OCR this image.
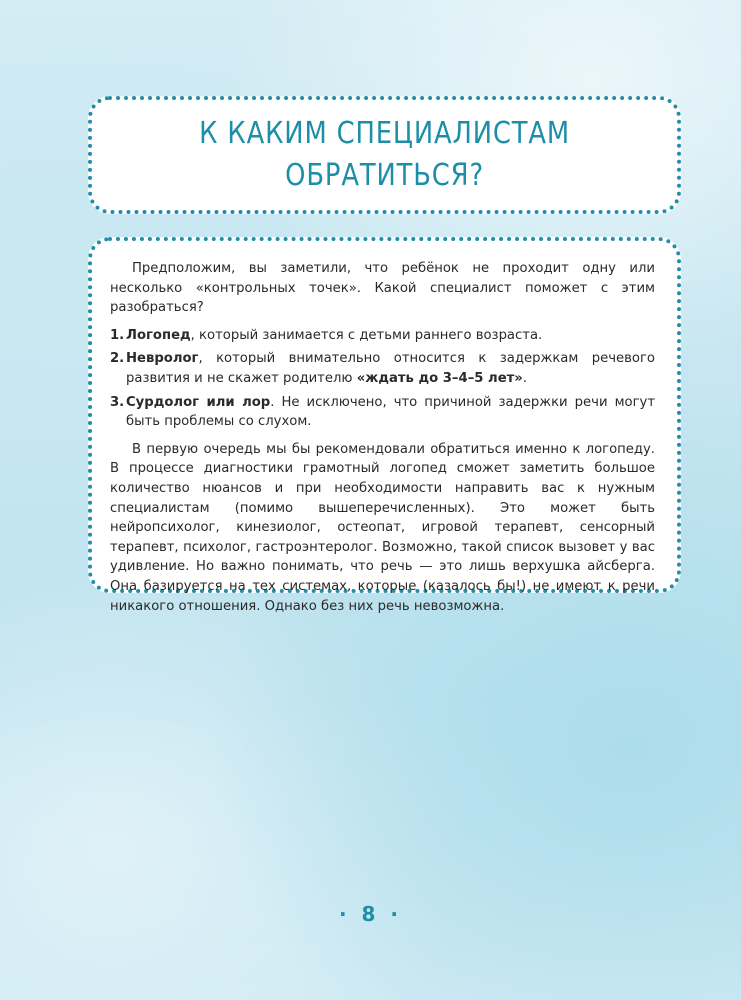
К КАКИМ СПЕЦИАЛИСТАМ
ОБРАТИТЬСЯ?

Предположим, вы заметили, что ребёнок не проходит одну или несколько «контрольных точек». Какой специалист поможет с этим разобраться?

1. Логопед, который занимается с детьми раннего возраста.
2. Невролог, который внимательно относится к задержкам речевого развития и не скажет родителю «ждать до 3–4–5 лет».
3. Сурдолог или лор. Не исключено, что причиной задержки речи могут быть проблемы со слухом.

В первую очередь мы бы рекомендовали обратиться именно к логопеду. В процессе диагностики грамотный логопед сможет заметить большое количество нюансов и при необходимости направить вас к нужным специалистам (помимо вышеперечисленных). Это может быть нейропсихолог, кинезиолог, остеопат, игровой терапевт, сенсорный терапевт, психолог, гастроэнтеролог. Возможно, такой список вызовет у вас удивление. Но важно понимать, что речь — это лишь верхушка айсберга. Она базируется на тех системах, которые (казалось бы!) не имеют к речи никакого отношения. Однако без них речь невозможна.

· 8 ·
